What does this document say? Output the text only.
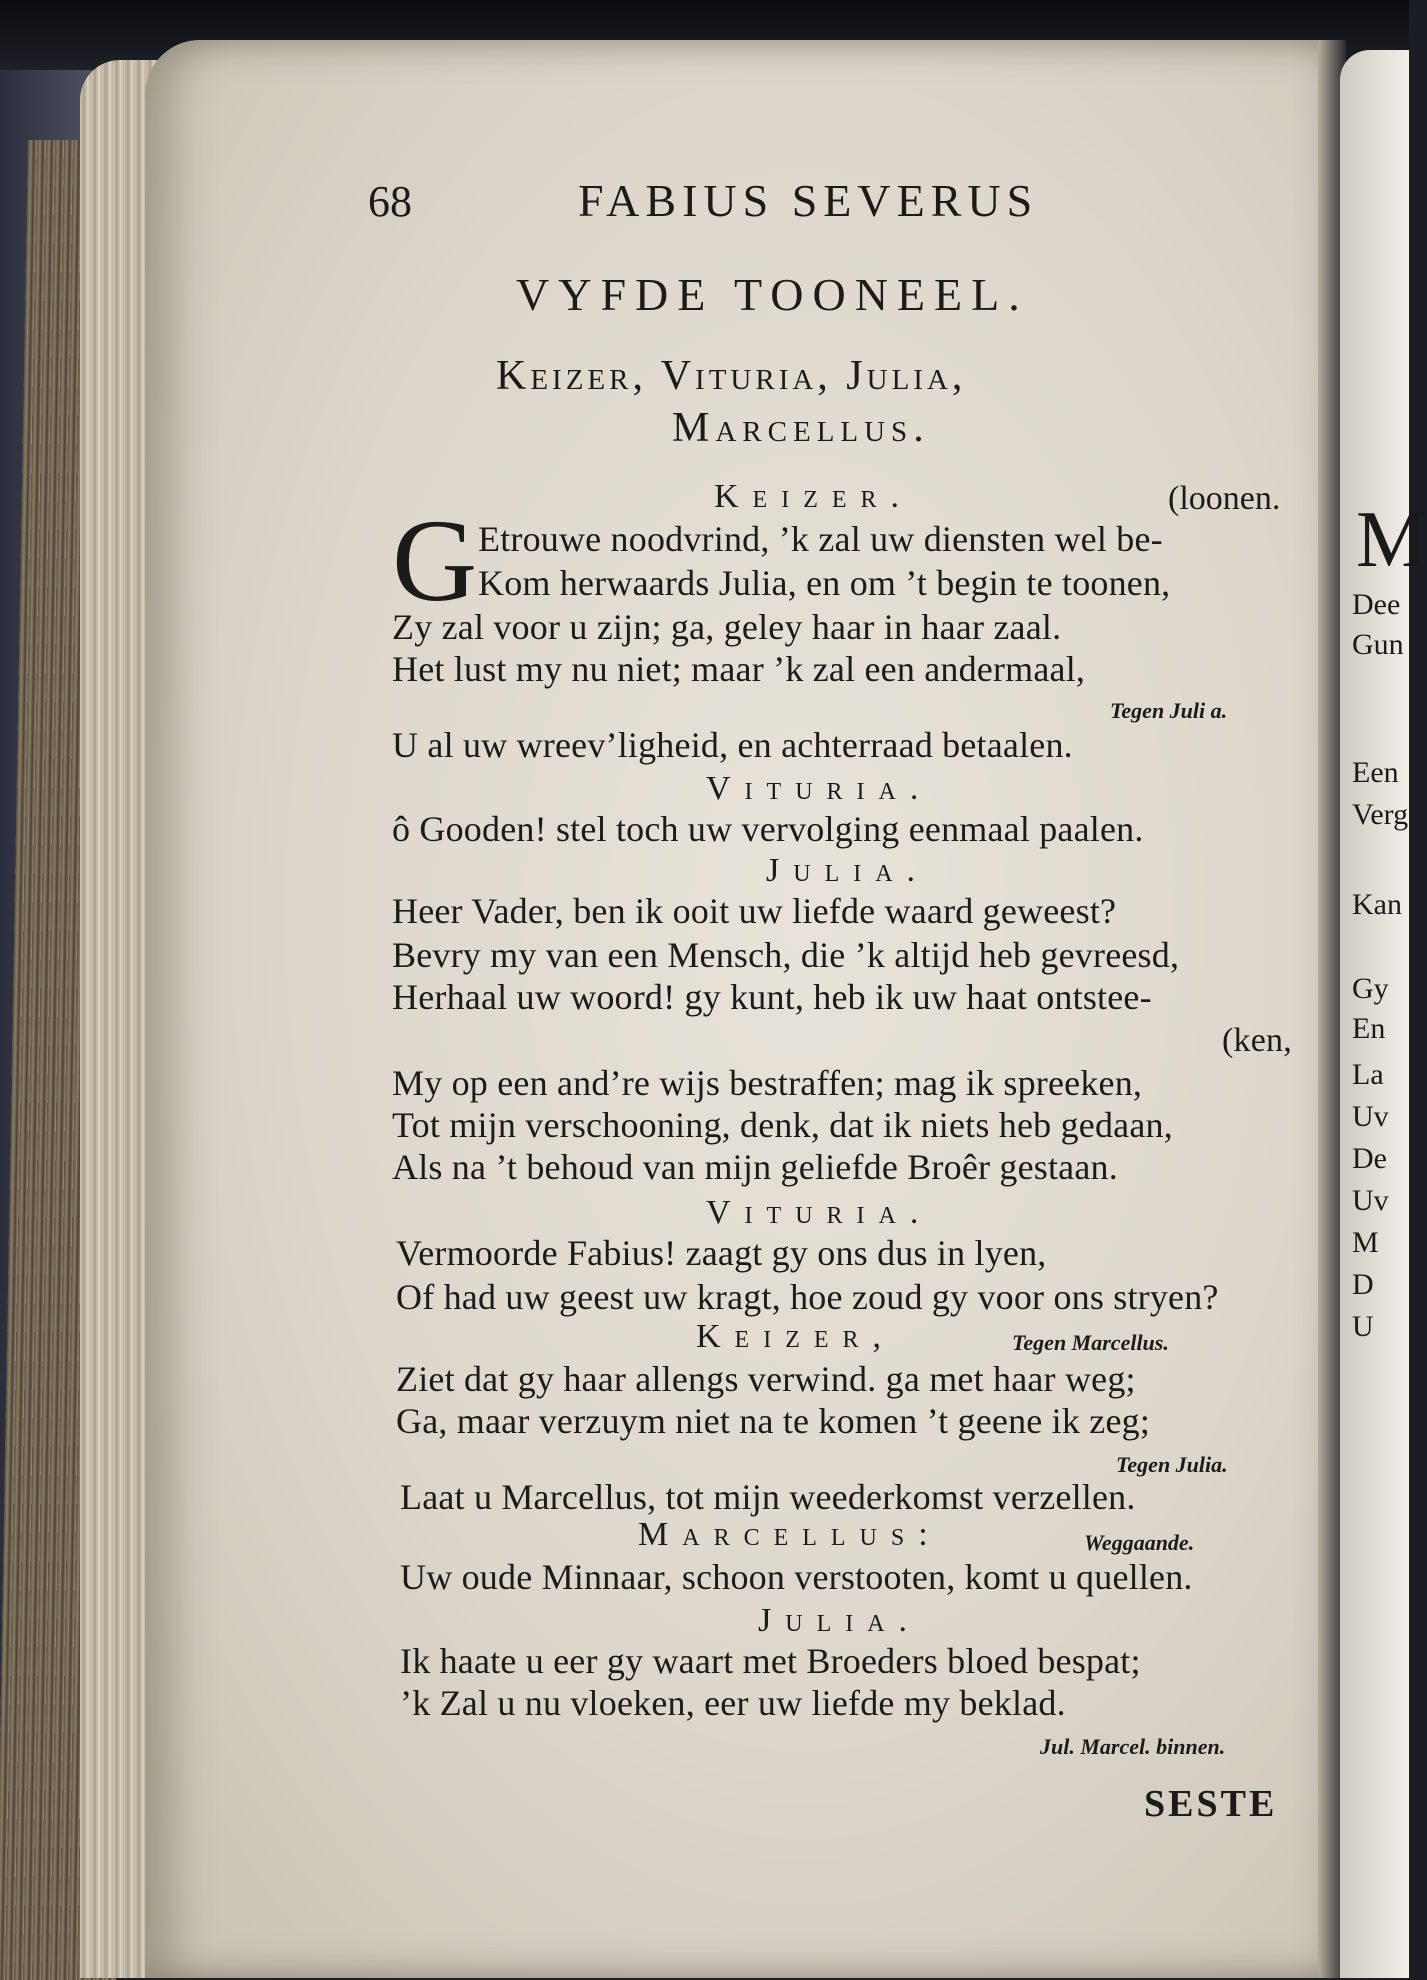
M
Dee
Gun
Een
Verg
Kan
Gy
En
La
Uv
De
Uv
M
D
U
68	FABIUS SEVERUS
VYFDE TOONEEL.
Keizer, Vituria, Julia,
Marcellus.
Keizer.	(loonen.
G Etrouwe noodvrind, ’k zal uw diensten wel be-
Kom herwaards Julia, en om ’t begin te toonen,
Zy zal voor u zijn; ga, geley haar in haar zaal.
Het lust my nu niet; maar ’k zal een andermaal,
Tegen Juli a.
U al uw wreev’ligheid, en achterraad betaalen.
Vituria.
ô Gooden! stel toch uw vervolging eenmaal paalen.
Julia.
Heer Vader, ben ik ooit uw liefde waard geweest?
Bevry my van een Mensch, die ’k altijd heb gevreesd,
Herhaal uw woord! gy kunt, heb ik uw haat ontstee-
(ken,
My op een and’re wijs bestraffen; mag ik spreeken,
Tot mijn verschooning, denk, dat ik niets heb gedaan,
Als na ’t behoud van mijn geliefde Broêr gestaan.
Vituria.
Vermoorde Fabius! zaagt gy ons dus in lyen,
Of had uw geest uw kragt, hoe zoud gy voor ons stryen?
Keizer,	Tegen Marcellus.
Ziet dat gy haar allengs verwind. ga met haar weg;
Ga, maar verzuym niet na te komen ’t geene ik zeg;
Tegen Julia.
Laat u Marcellus, tot mijn weederkomst verzellen.
Marcellus:	Weggaande.
Uw oude Minnaar, schoon verstooten, komt u quellen.
Julia.
Ik haate u eer gy waart met Broeders bloed bespat;
’k Zal u nu vloeken, eer uw liefde my beklad.
Jul. Marcel. binnen.
SESTE
